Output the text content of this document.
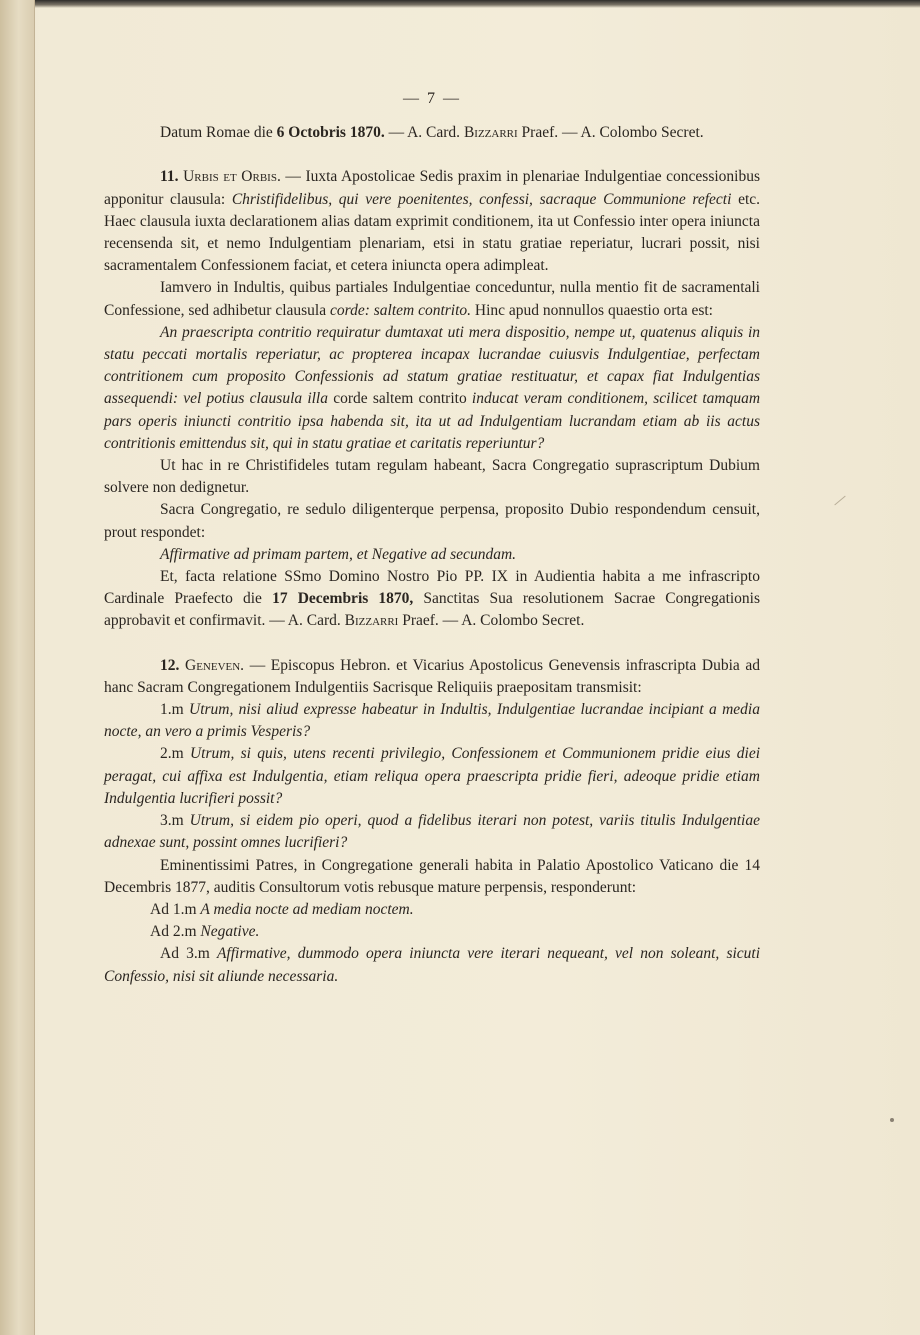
— 7 —

Datum Romae die 6 Octobris 1870. — A. Card. Bizzarri Praef. — A. Colombo Secret.

11. Urbis et Orbis. — Iuxta Apostolicae Sedis praxim in plenariae Indulgentiae concessionibus apponitur clausula: Christifidelibus, qui vere poenitentes, confessi, sacraque Communione refecti etc. Haec clausula iuxta declarationem alias datam exprimit conditionem, ita ut Confessio inter opera iniuncta recensenda sit, et nemo Indulgentiam plenariam, etsi in statu gratiae reperiatur, lucrari possit, nisi sacramentalem Confessionem faciat, et cetera iniuncta opera adimpleat.

Iamvero in Indultis, quibus partiales Indulgentiae conceduntur, nulla mentio fit de sacramentali Confessione, sed adhibetur clausula corde: saltem contrito. Hinc apud nonnullos quaestio orta est:

An praescripta contritio requiratur dumtaxat uti mera dispositio, nempe ut, quatenus aliquis in statu peccati mortalis reperiatur, ac propterea incapax lucrandae cuiusvis Indulgentiae, perfectam contritionem cum proposito Confessionis ad statum gratiae restituatur, et capax fiat Indulgentias assequendi: vel potius clausula illa corde saltem contrito inducat veram conditionem, scilicet tamquam pars operis iniuncti contritio ipsa habenda sit, ita ut ad Indulgentiam lucrandam etiam ab iis actus contritionis emittendus sit, qui in statu gratiae et caritatis reperiuntur?

Ut hac in re Christifideles tutam regulam habeant, Sacra Congregatio suprascriptum Dubium solvere non dedignetur.

Sacra Congregatio, re sedulo diligenterque perpensa, proposito Dubio respondendum censuit, prout respondet:

Affirmative ad primam partem, et Negative ad secundam.

Et, facta relatione SSmo Domino Nostro Pio PP. IX in Audientia habita a me infrascripto Cardinale Praefecto die 17 Decembris 1870, Sanctitas Sua resolutionem Sacrae Congregationis approbavit et confirmavit. — A. Card. Bizzarri Praef. — A. Colombo Secret.

12. Geneven. — Episcopus Hebron. et Vicarius Apostolicus Genevensis infrascripta Dubia ad hanc Sacram Congregationem Indulgentiis Sacrisque Reliquiis praepositam transmisit:

1.m Utrum, nisi aliud expresse habeatur in Indultis, Indulgentiae lucrandae incipiant a media nocte, an vero a primis Vesperis?

2.m Utrum, si quis, utens recenti privilegio, Confessionem et Communionem pridie eius diei peragat, cui affixa est Indulgentia, etiam reliqua opera praescripta pridie fieri, adeoque pridie etiam Indulgentia lucrifieri possit?

3.m Utrum, si eidem pio operi, quod a fidelibus iterari non potest, variis titulis Indulgentiae adnexae sunt, possint omnes lucrifieri?

Eminentissimi Patres, in Congregatione generali habita in Palatio Apostolico Vaticano die 14 Decembris 1877, auditis Consultorum votis rebusque mature perpensis, responderunt:

Ad 1.m A media nocte ad mediam noctem.

Ad 2.m Negative.

Ad 3.m Affirmative, dummodo opera iniuncta vere iterari nequeant, vel non soleant, sicuti Confessio, nisi sit aliunde necessaria.
